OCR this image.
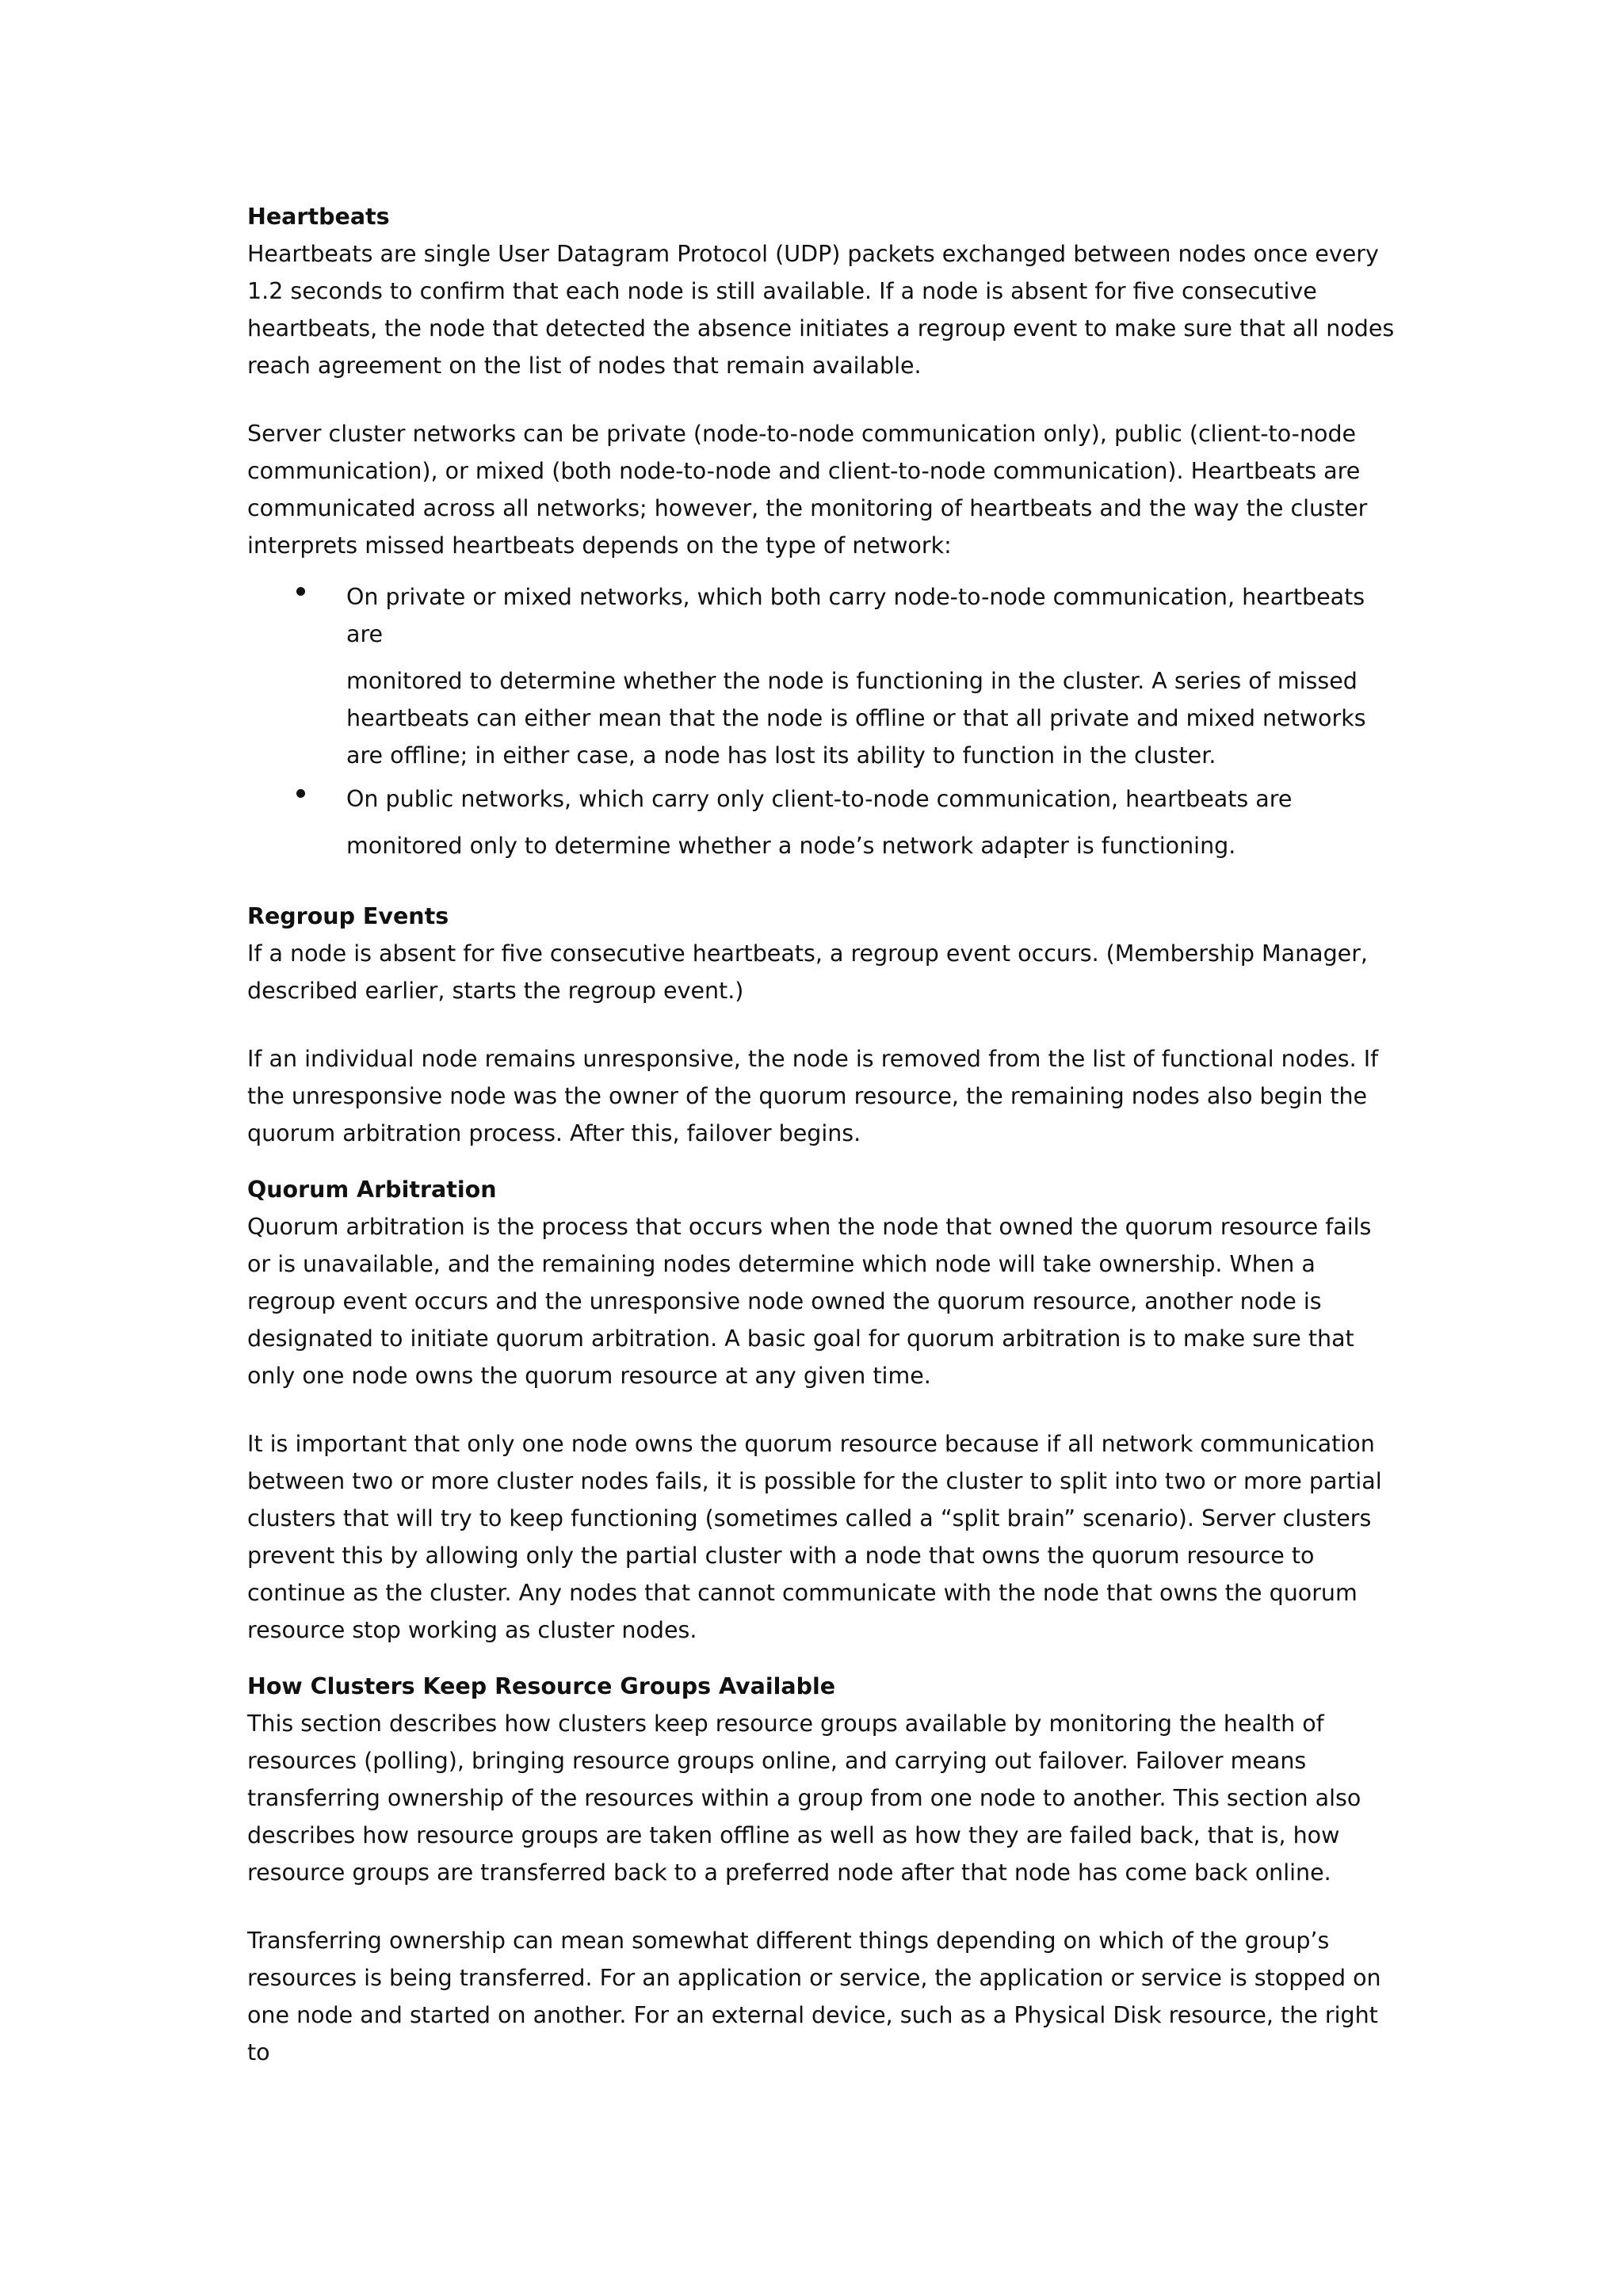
Heartbeats

Heartbeats are single User Datagram Protocol (UDP) packets exchanged between nodes once every 1.2 seconds to confirm that each node is still available. If a node is absent for five consecutive heartbeats, the node that detected the absence initiates a regroup event to make sure that all nodes reach agreement on the list of nodes that remain available.

Server cluster networks can be private (node-to-node communication only), public (client-to-node communication), or mixed (both node-to-node and client-to-node communication). Heartbeats are communicated across all networks; however, the monitoring of heartbeats and the way the cluster interprets missed heartbeats depends on the type of network:

On private or mixed networks, which both carry node-to-node communication, heartbeats are
monitored to determine whether the node is functioning in the cluster. A series of missed heartbeats can either mean that the node is offline or that all private and mixed networks are offline; in either case, a node has lost its ability to function in the cluster.
On public networks, which carry only client-to-node communication, heartbeats are
monitored only to determine whether a node’s network adapter is functioning.

Regroup Events

If a node is absent for five consecutive heartbeats, a regroup event occurs. (Membership Manager, described earlier, starts the regroup event.)

If an individual node remains unresponsive, the node is removed from the list of functional nodes. If the unresponsive node was the owner of the quorum resource, the remaining nodes also begin the quorum arbitration process. After this, failover begins.

Quorum Arbitration

Quorum arbitration is the process that occurs when the node that owned the quorum resource fails or is unavailable, and the remaining nodes determine which node will take ownership. When a regroup event occurs and the unresponsive node owned the quorum resource, another node is designated to initiate quorum arbitration. A basic goal for quorum arbitration is to make sure that only one node owns the quorum resource at any given time.

It is important that only one node owns the quorum resource because if all network communication between two or more cluster nodes fails, it is possible for the cluster to split into two or more partial clusters that will try to keep functioning (sometimes called a “split brain” scenario). Server clusters prevent this by allowing only the partial cluster with a node that owns the quorum resource to continue as the cluster. Any nodes that cannot communicate with the node that owns the quorum resource stop working as cluster nodes.

How Clusters Keep Resource Groups Available

This section describes how clusters keep resource groups available by monitoring the health of resources (polling), bringing resource groups online, and carrying out failover. Failover means transferring ownership of the resources within a group from one node to another. This section also describes how resource groups are taken offline as well as how they are failed back, that is, how resource groups are transferred back to a preferred node after that node has come back online.

Transferring ownership can mean somewhat different things depending on which of the group’s resources is being transferred. For an application or service, the application or service is stopped on one node and started on another. For an external device, such as a Physical Disk resource, the right to
